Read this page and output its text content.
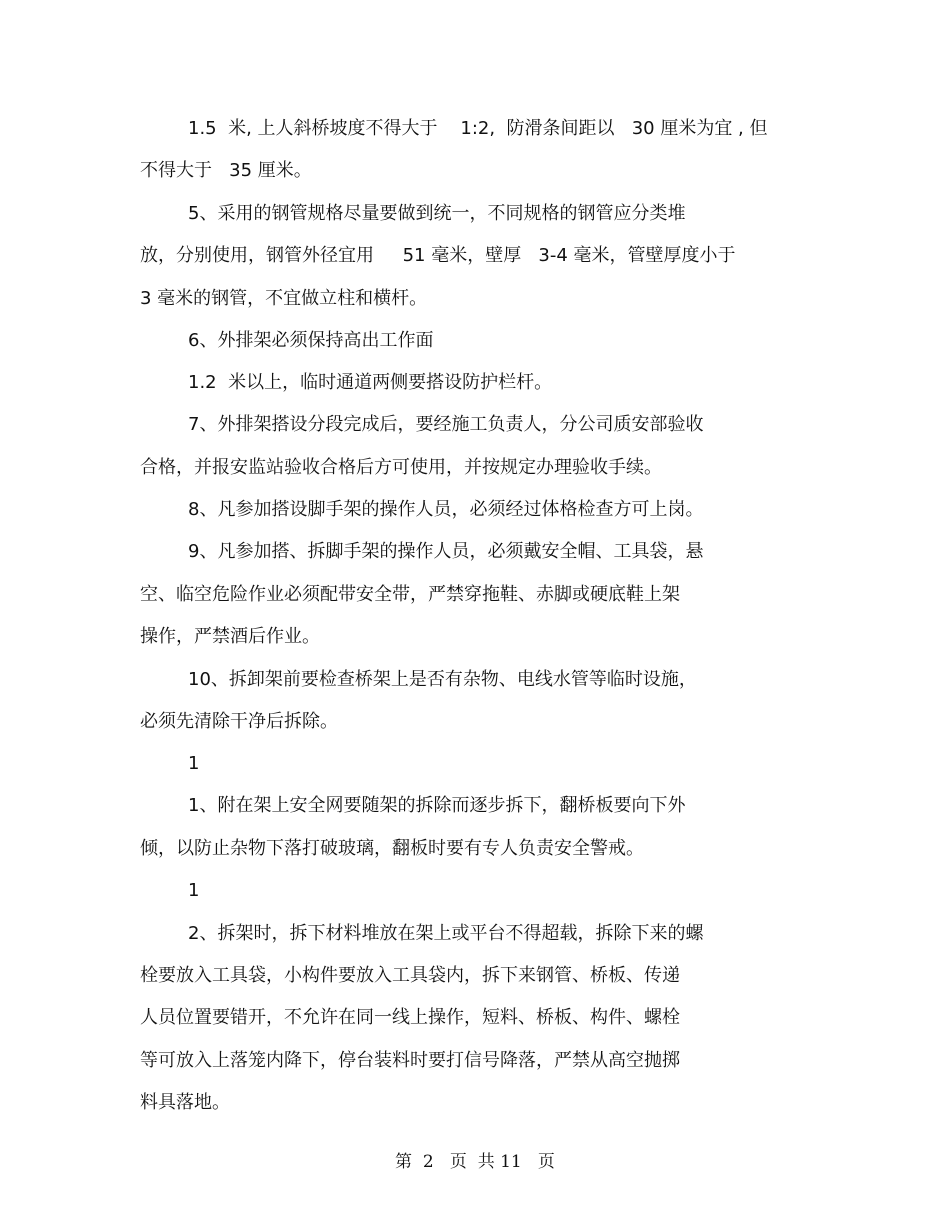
1.5  米, 上人斜桥坡度不得大于    1:2,  防滑条间距以   30 厘米为宜 , 但
不得大于   35 厘米。
5、采用的钢管规格尽量要做到统一，不同规格的钢管应分类堆
放，分别使用，钢管外径宜用     51 毫米，壁厚   3-4 毫米，管壁厚度小于
3 毫米的钢管，不宜做立柱和横杆。
6、外排架必须保持高出工作面
1.2  米以上，临时通道两侧要搭设防护栏杆。
7、外排架搭设分段完成后，要经施工负责人，分公司质安部验收
合格，并报安监站验收合格后方可使用，并按规定办理验收手续。
8、凡参加搭设脚手架的操作人员，必须经过体格检查方可上岗。
9、凡参加搭、拆脚手架的操作人员，必须戴安全帽、工具袋，悬
空、临空危险作业必须配带安全带，严禁穿拖鞋、赤脚或硬底鞋上架
操作，严禁酒后作业。
10、拆卸架前要检查桥架上是否有杂物、电线水管等临时设施，
必须先清除干净后拆除。
1
1、附在架上安全网要随架的拆除而逐步拆下，翻桥板要向下外
倾，以防止杂物下落打破玻璃，翻板时要有专人负责安全警戒。
1
2、拆架时，拆下材料堆放在架上或平台不得超载，拆除下来的螺
栓要放入工具袋，小构件要放入工具袋内，拆下来钢管、桥板、传递
人员位置要错开，不允许在同一线上操作，短料、桥板、构件、螺栓
等可放入上落笼内降下，停台装料时要打信号降落，严禁从高空抛掷
料具落地。
第  2   页  共 11   页
